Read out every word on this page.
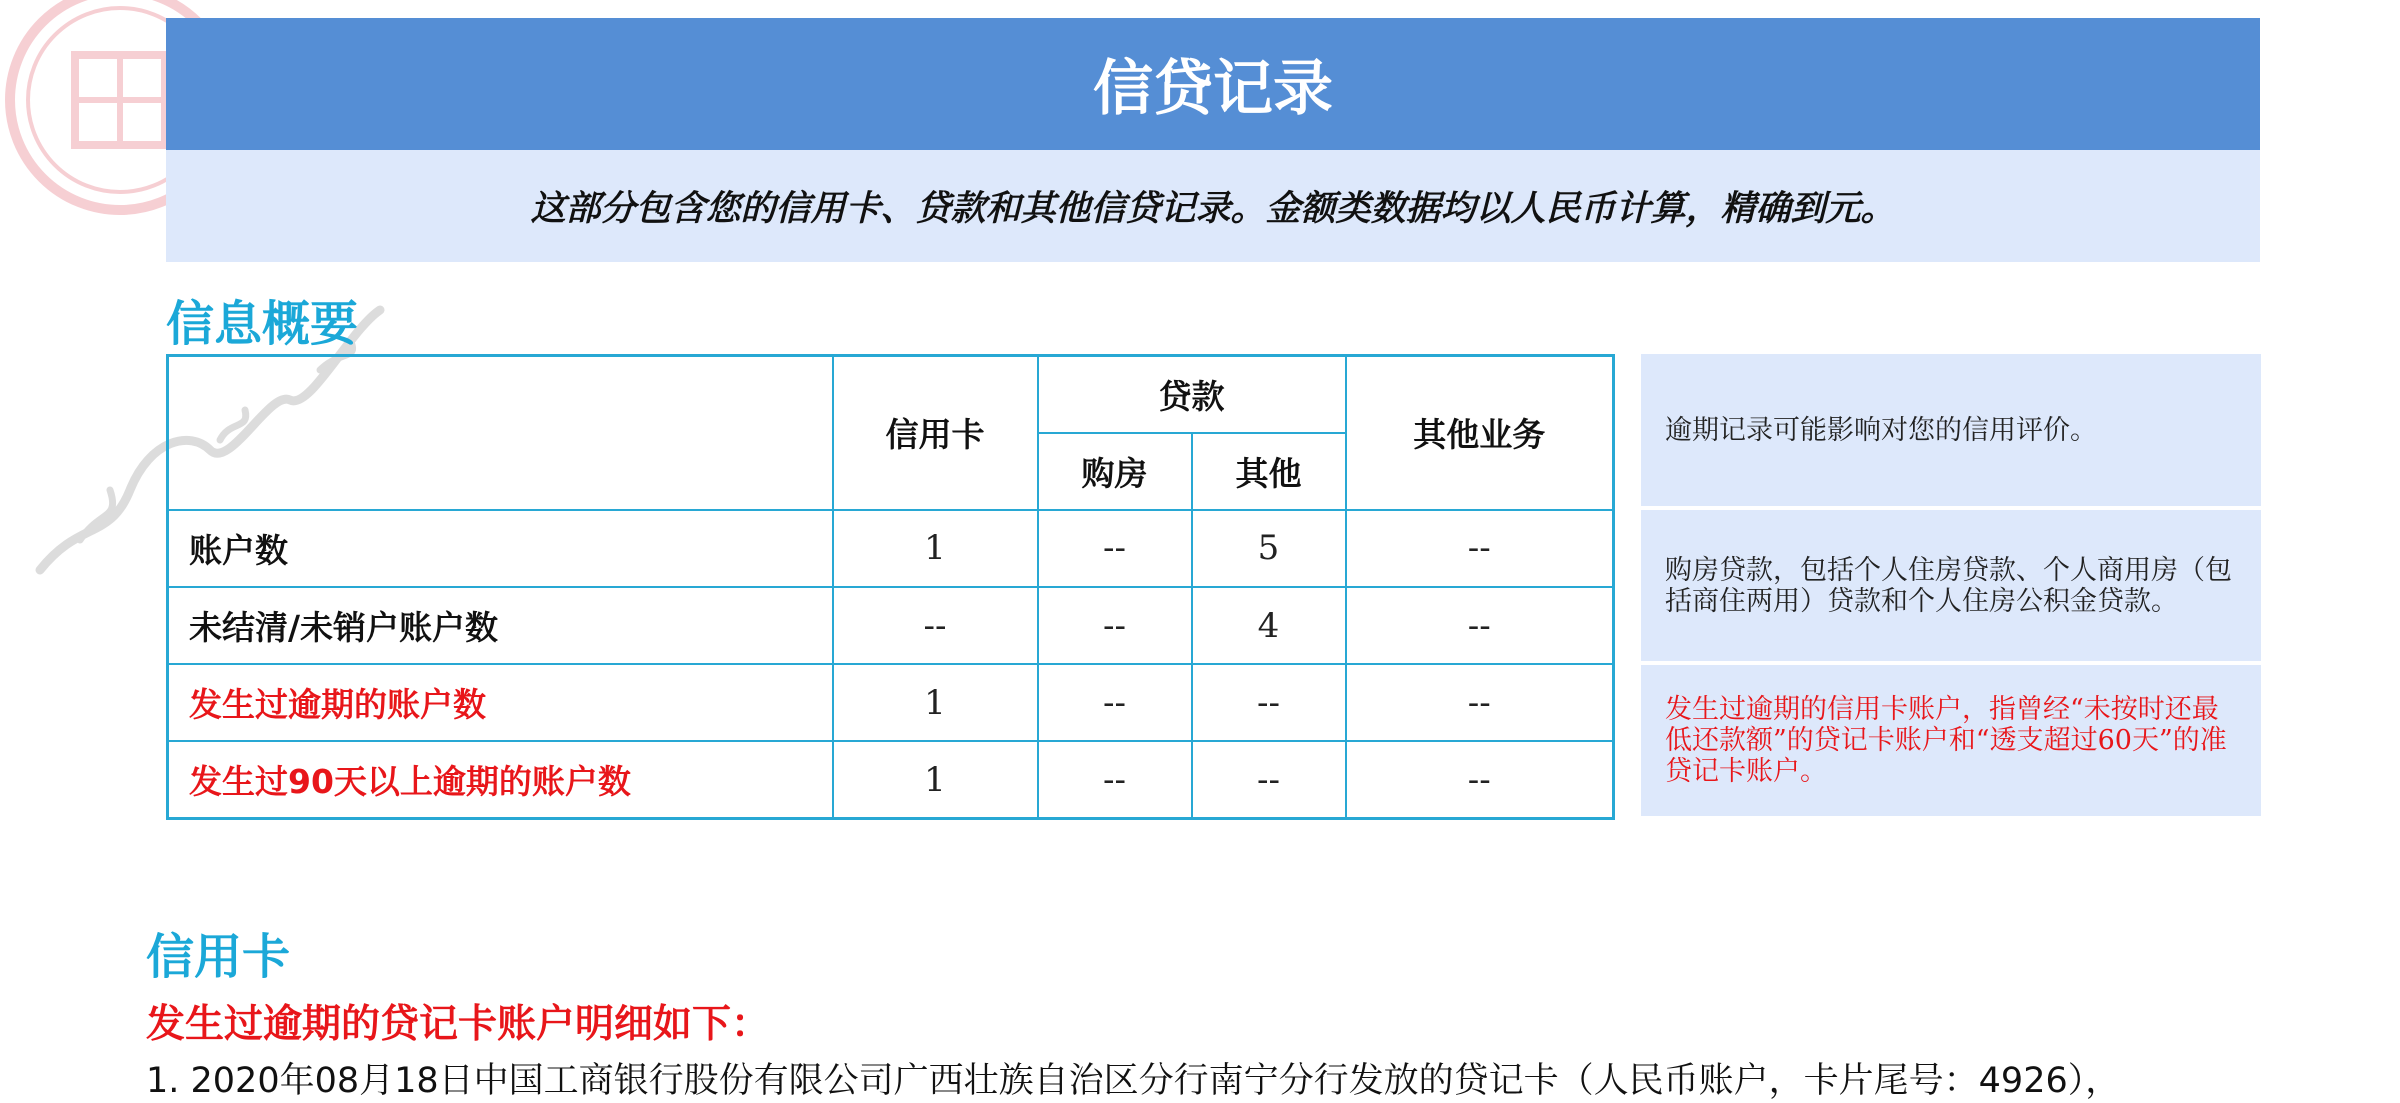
信贷记录
这部分包含您的信用卡、贷款和其他信贷记录。金额类数据均以人民币计算，精确到元。
信息概要
	信用卡	贷款		其他业务
		购房	其他	
账户数	1	--	5	--
未结清/未销户账户数	--	--	4	--
发生过逾期的账户数	1	--	--	--
发生过90天以上逾期的账户数	1	--	--	--
逾期记录可能影响对您的信用评价。
购房贷款，包括个人住房贷款、个人商用房（包括商住两用）贷款和个人住房公积金贷款。
发生过逾期的信用卡账户，指曾经“未按时还最低还款额”的贷记卡账户和“透支超过60天”的准贷记卡账户。
信用卡
发生过逾期的贷记卡账户明细如下：
1. 2020年08月18日中国工商银行股份有限公司广西壮族自治区分行南宁分行发放的贷记卡（人民币账户，卡片尾号：4926），
